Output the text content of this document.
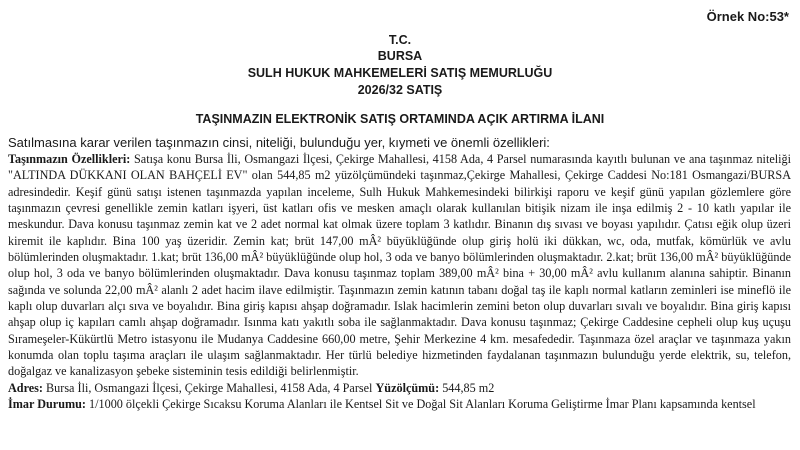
Örnek No:53*
T.C.
BURSA
SULH HUKUK MAHKEMELERİ SATIŞ MEMURLUĞU
2026/32 SATIŞ
TAŞINMAZIN ELEKTRONİK SATIŞ ORTAMINDA AÇIK ARTIRMA İLANI
Satılmasına karar verilen taşınmazın cinsi, niteliği, bulunduğu yer, kıymeti ve önemli özellikleri:

Taşınmazın Özellikleri: Satışa konu Bursa İli, Osmangazi İlçesi, Çekirge Mahallesi, 4158 Ada, 4 Parsel numarasında kayıtlı bulunan ve ana taşınmaz niteliği "ALTINDA DÜKKANI OLAN BAHÇELİ EV" olan 544,85 m2 yüzölçümündeki taşınmaz,Çekirge Mahallesi, Çekirge Caddesi No:181 Osmangazi/BURSA adresindedir. Keşif günü satışı istenen taşınmazda yapılan inceleme, Sulh Hukuk Mahkemesindeki bilirkişi raporu ve keşif günü yapılan gözlemlere göre taşınmazın çevresi genellikle zemin katları işyeri, üst katları ofis ve mesken amaçlı olarak kullanılan bitişik nizam ile inşa edilmiş 2 - 10 katlı yapılar ile meskundur. Dava konusu taşınmaz zemin kat ve 2 adet normal kat olmak üzere toplam 3 katlıdır. Binanın dış sıvası ve boyası yapılıdır. Çatısı eğik olup üzeri kiremit ile kaplıdır. Bina 100 yaş üzeridir. Zemin kat; brüt 147,00 mÂ² büyüklüğünde olup giriş holü iki dükkan, wc, oda, mutfak, kömürlük ve avlu bölümlerinden oluşmaktadır. 1.kat; brüt 136,00 mÂ² büyüklüğünde olup hol, 3 oda ve banyo bölümlerinden oluşmaktadır. 2.kat; brüt 136,00 mÂ² büyüklüğünde olup hol, 3 oda ve banyo bölümlerinden oluşmaktadır. Dava konusu taşınmaz toplam 389,00 mÂ² bina + 30,00 mÂ² avlu kullanım alanına sahiptir. Binanın sağında ve solunda 22,00 mÂ² alanlı 2 adet hacim ilave edilmiştir. Taşınmazın zemin katının tabanı doğal taş ile kaplı normal katların zeminleri ise mineflö ile kaplı olup duvarları alçı sıva ve boyalıdır. Bina giriş kapısı ahşap doğramadır. Islak hacimlerin zemini beton olup duvarları sıvalı ve boyalıdır. Bina giriş kapısı ahşap olup iç kapıları camlı ahşap doğramadır. Isınma katı yakıtlı soba ile sağlanmaktadır. Dava konusu taşınmaz; Çekirge Caddesine cepheli olup kuş uçuşu Sırameşeler-Kükürtlü Metro istasyonu ile Mudanya Caddesine 660,00 metre, Şehir Merkezine 4 km. mesafededir. Taşınmaza özel araçlar ve taşınmaza yakın konumda olan toplu taşıma araçları ile ulaşım sağlanmaktadır. Her türlü belediye hizmetinden faydalanan taşınmazın bulunduğu yerde elektrik, su, telefon, doğalgaz ve kanalizasyon şebeke sisteminin tesis edildiği belirlenmiştir.

Adres: Bursa İli, Osmangazi İlçesi, Çekirge Mahallesi, 4158 Ada, 4 Parsel Yüzölçümü: 544,85 m2

İmar Durumu: 1/1000 ölçekli Çekirge Sıcaksu Koruma Alanları ile Kentsel Sit ve Doğal Sit Alanları Koruma Geliştirme İmar Planı kapsamında kentsel
